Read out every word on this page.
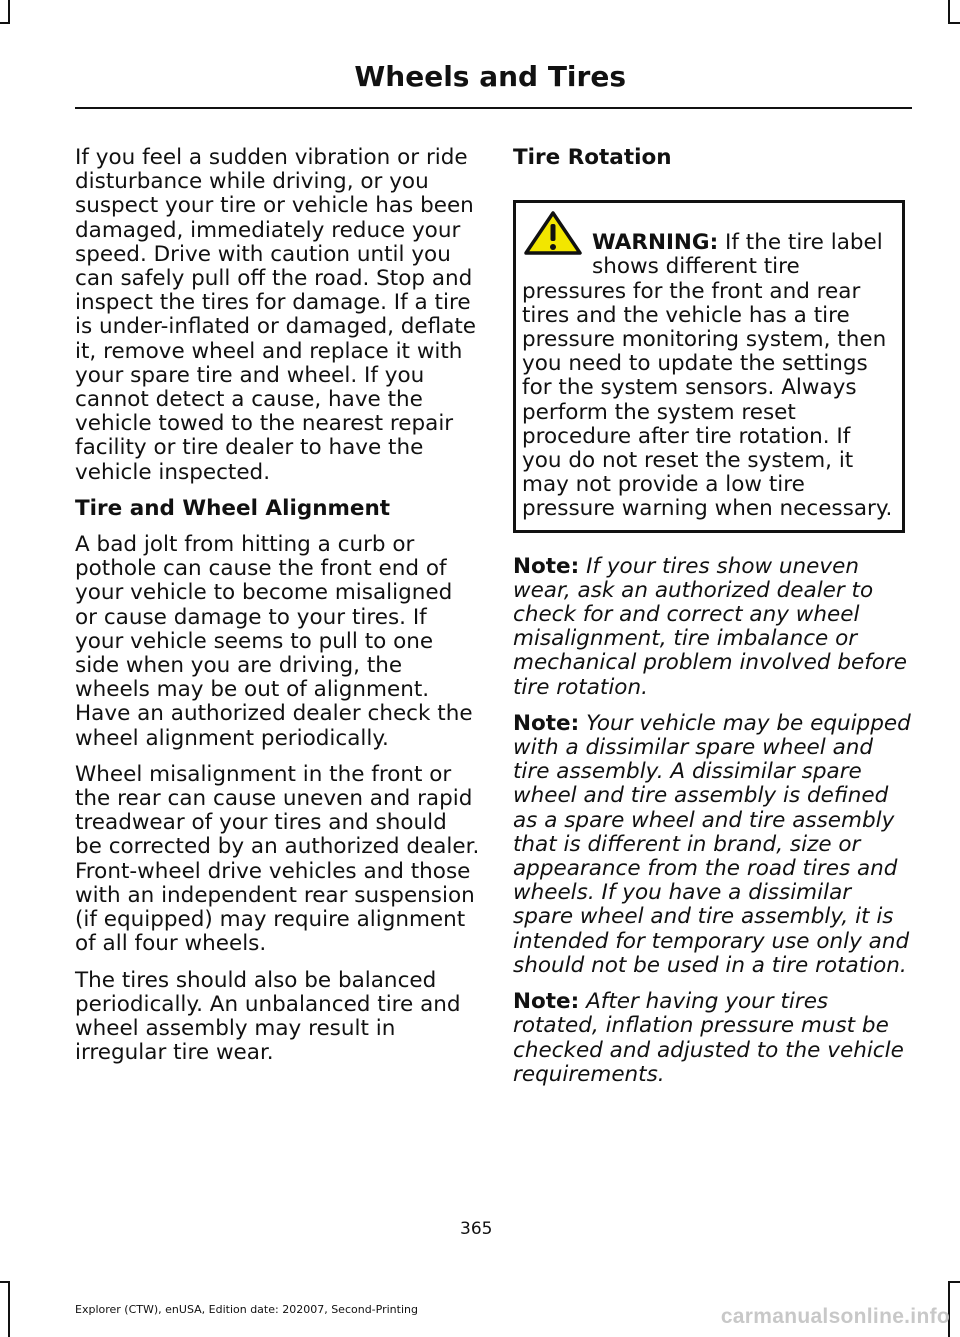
Wheels and Tires

If you feel a sudden vibration or ride disturbance while driving, or you suspect your tire or vehicle has been damaged, immediately reduce your speed. Drive with caution until you can safely pull off the road. Stop and inspect the tires for damage. If a tire is under-inflated or damaged, deflate it, remove wheel and replace it with your spare tire and wheel. If you cannot detect a cause, have the vehicle towed to the nearest repair facility or tire dealer to have the vehicle inspected.

Tire and Wheel Alignment

A bad jolt from hitting a curb or pothole can cause the front end of your vehicle to become misaligned or cause damage to your tires. If your vehicle seems to pull to one side when you are driving, the wheels may be out of alignment. Have an authorized dealer check the wheel alignment periodically.

Wheel misalignment in the front or the rear can cause uneven and rapid treadwear of your tires and should be corrected by an authorized dealer. Front-wheel drive vehicles and those with an independent rear suspension (if equipped) may require alignment of all four wheels.

The tires should also be balanced periodically. An unbalanced tire and wheel assembly may result in irregular tire wear.

Tire Rotation
WARNING: If the tire label shows different tire pressures for the front and rear tires and the vehicle has a tire pressure monitoring system, then you need to update the settings for the system sensors. Always perform the system reset procedure after tire rotation. If you do not reset the system, it may not provide a low tire pressure warning when necessary.

Note: If your tires show uneven wear, ask an authorized dealer to check for and correct any wheel misalignment, tire imbalance or mechanical problem involved before tire rotation.

Note: Your vehicle may be equipped with a dissimilar spare wheel and tire assembly. A dissimilar spare wheel and tire assembly is defined as a spare wheel and tire assembly that is different in brand, size or appearance from the road tires and wheels. If you have a dissimilar spare wheel and tire assembly, it is intended for temporary use only and should not be used in a tire rotation.

Note: After having your tires rotated, inflation pressure must be checked and adjusted to the vehicle requirements.

365
Explorer (CTW), enUSA, Edition date: 202007, Second-Printing	carmanualsonline.info
